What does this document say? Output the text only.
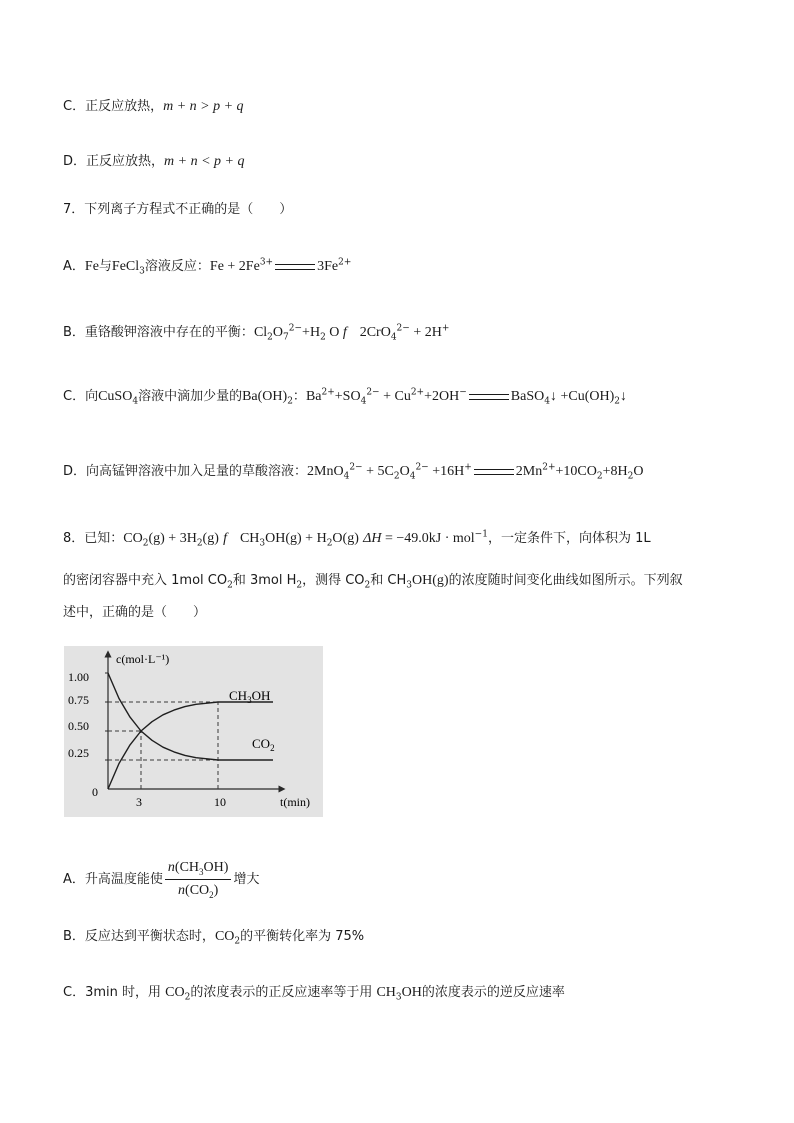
C．正反应放热，m + n > p + q
D．正反应放热，m + n < p + q
7．下列离子方程式不正确的是（　　）
A．Fe与FeCl$_3$溶液反应：$Fe + 2Fe^{3+}$	$3Fe^{2+}$
B．重铬酸钾溶液中存在的平衡：$Cl_2O_7^{2-}+H_2$ O f 2CrO$_4^{2-}$ + 2H+
C．向CuSO$_4$溶液中滴加少量的$Ba(OH)_2$：$Ba^{2+}+SO_4^{2-} + Cu^{2+}+2OH^-$	BaSO$_4$↓ $+Cu(OH)_2↓$
D．向高锰钾溶液中加入足量的草酸溶液：$2MnO_4^{2-} + 5C_2O_4^{2-} +16H^+$	$2Mn^{2+}+10CO_2+8H_2O$
8．已知：$CO_2(g) + 3H_2(g)$ f $CH_3OH(g) + H_2O(g) \Delta H = -49.0kJ \cdot mol^{-1}$，一定条件下，向体积为 1L
的密闭容器中充入 1mol $CO_2$和 3mol $H_2$，测得 $CO_2$和 $CH_3OH(g)$的浓度随时间变化曲线如图所示。下列叙
述中，正确的是（　　）
c(mol·L⁻¹)
t(min)
0
1.00
0.75
0.50
0.25
3	10
$CH_3OH$
$CO_2$
A．升高温度能使 $\frac{n(CH_3OH)}{n(CO_2)}$ 增大
B．反应达到平衡状态时，$CO_2$的平衡转化率为 75%
C．3min 时，用 $CO_2$的浓度表示的正反应速率等于用 $CH_3OH$的浓度表示的逆反应速率
